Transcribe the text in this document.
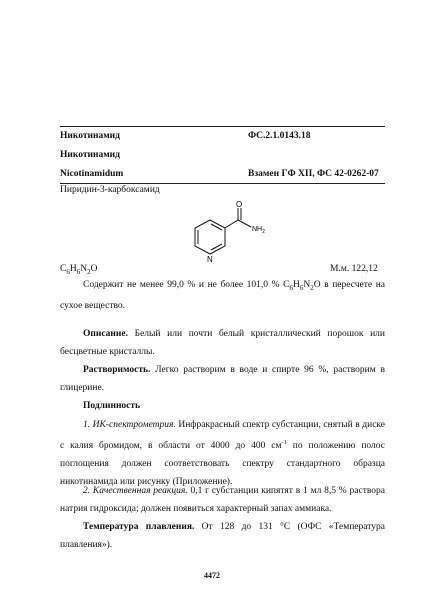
Никотинамид	ФС.2.1.0143.18
Никотинамид
Nicotinamidum	Взамен ГФ XII, ФС 42-0262-07
Пиридин-3-карбоксамид
O
$NH_2$
N
$C_6H_6N_2O$	М.м. 122,12
Содержит не менее 99,0 % и не более 101,0 % $C_6H_6N_2O$ в пересчете на сухое вещество.
Описание. Белый или почти белый кристаллический порошок или бесцветные кристаллы.
Растворимость. Легко растворим в воде и спирте 96 %, растворим в глицерине.
Подлинность
1. ИК-спектрометрия. Инфракрасный спектр субстанции, снятый в диске с калия бромидом, в области от 4000 до 400 $см^{-1}$ по положению полос поглощения должен соответствовать спектру стандартного образца никотинамида или рисунку (Приложение).
2. Качественная реакция. 0,1 г субстанции кипятят в 1 мл 8,5 % раствора натрия гидроксида; должен появиться характерный запах аммиака.
Температура плавления. От 128 до 131 °С (ОФС «Температура плавления»).
4472
